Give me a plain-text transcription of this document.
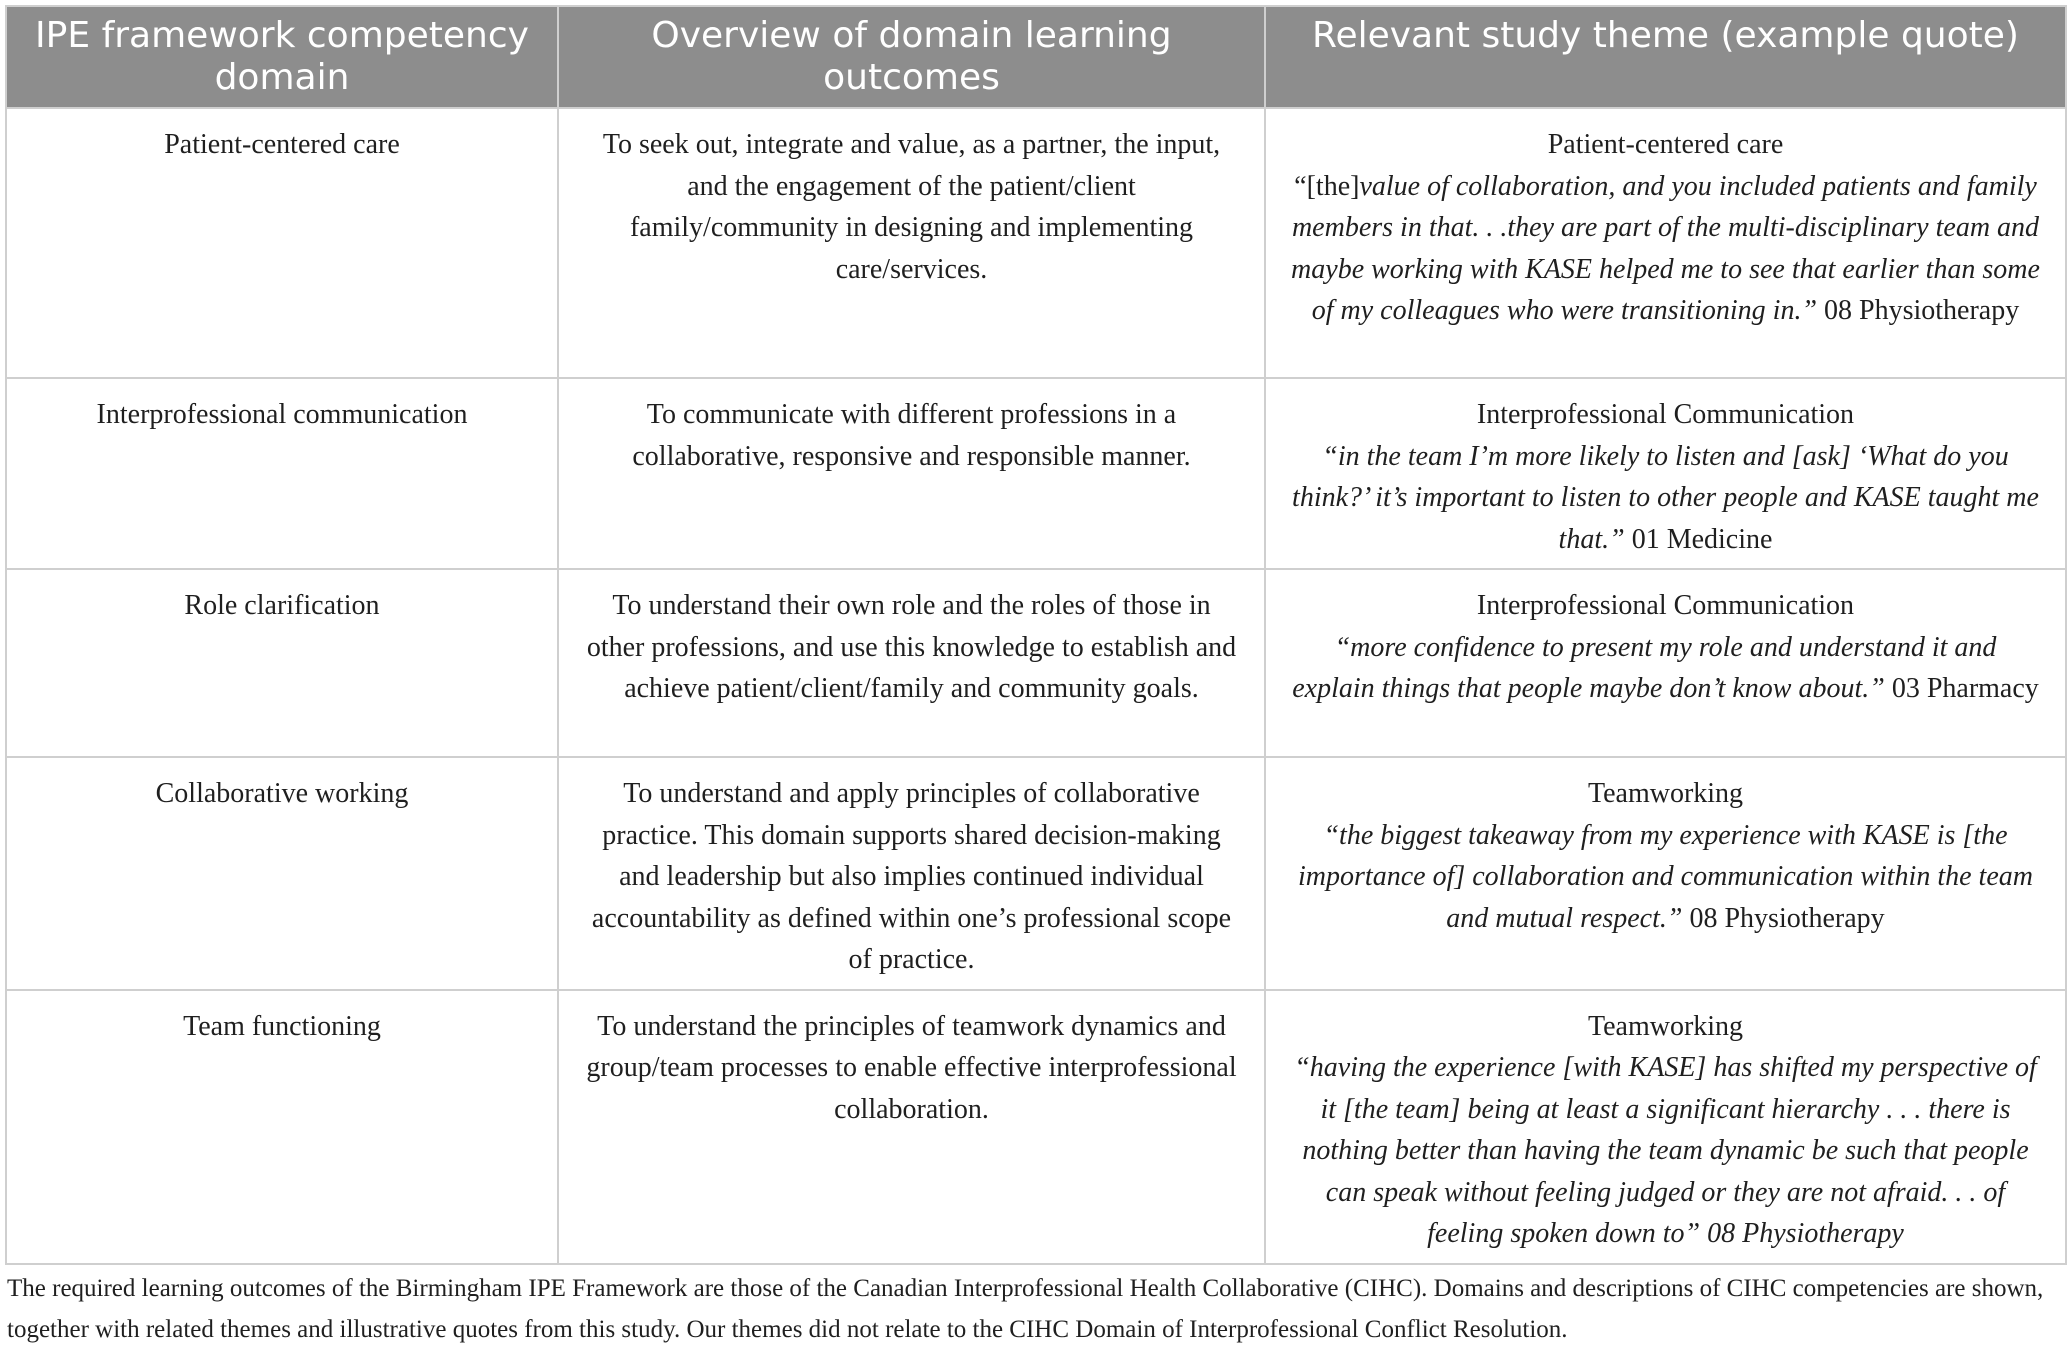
IPE framework competency domain	Overview of domain learning outcomes	Relevant study theme (example quote)
Patient-centered care	To seek out, integrate and value, as a partner, the input, and the engagement of the patient/client family/community in designing and implementing care/services.	Patient-centered care
“[the]value of collaboration, and you included patients and family members in that. . .they are part of the multi-disciplinary team and maybe working with KASE helped me to see that earlier than some of my colleagues who were transitioning in.” 08 Physiotherapy
Interprofessional communication	To communicate with different professions in a collaborative, responsive and responsible manner.	Interprofessional Communication
“in the team I’m more likely to listen and [ask] ‘What do you think?’ it’s important to listen to other people and KASE taught me that.” 01 Medicine
Role clarification	To understand their own role and the roles of those in other professions, and use this knowledge to establish and achieve patient/client/family and community goals.	Interprofessional Communication
“more confidence to present my role and understand it and explain things that people maybe don’t know about.” 03 Pharmacy
Collaborative working	To understand and apply principles of collaborative practice. This domain supports shared decision-making and leadership but also implies continued individual accountability as defined within one’s professional scope of practice.	Teamworking
“the biggest takeaway from my experience with KASE is [the importance of] collaboration and communication within the team and mutual respect.” 08 Physiotherapy
Team functioning	To understand the principles of teamwork dynamics and group/team processes to enable effective interprofessional collaboration.	Teamworking
“having the experience [with KASE] has shifted my perspective of it [the team] being at least a significant hierarchy . . . there is nothing better than having the team dynamic be such that people can speak without feeling judged or they are not afraid. . . of feeling spoken down to” 08 Physiotherapy

The required learning outcomes of the Birmingham IPE Framework are those of the Canadian Interprofessional Health Collaborative (CIHC). Domains and descriptions of CIHC competencies are shown, together with related themes and illustrative quotes from this study. Our themes did not relate to the CIHC Domain of Interprofessional Conflict Resolution.
